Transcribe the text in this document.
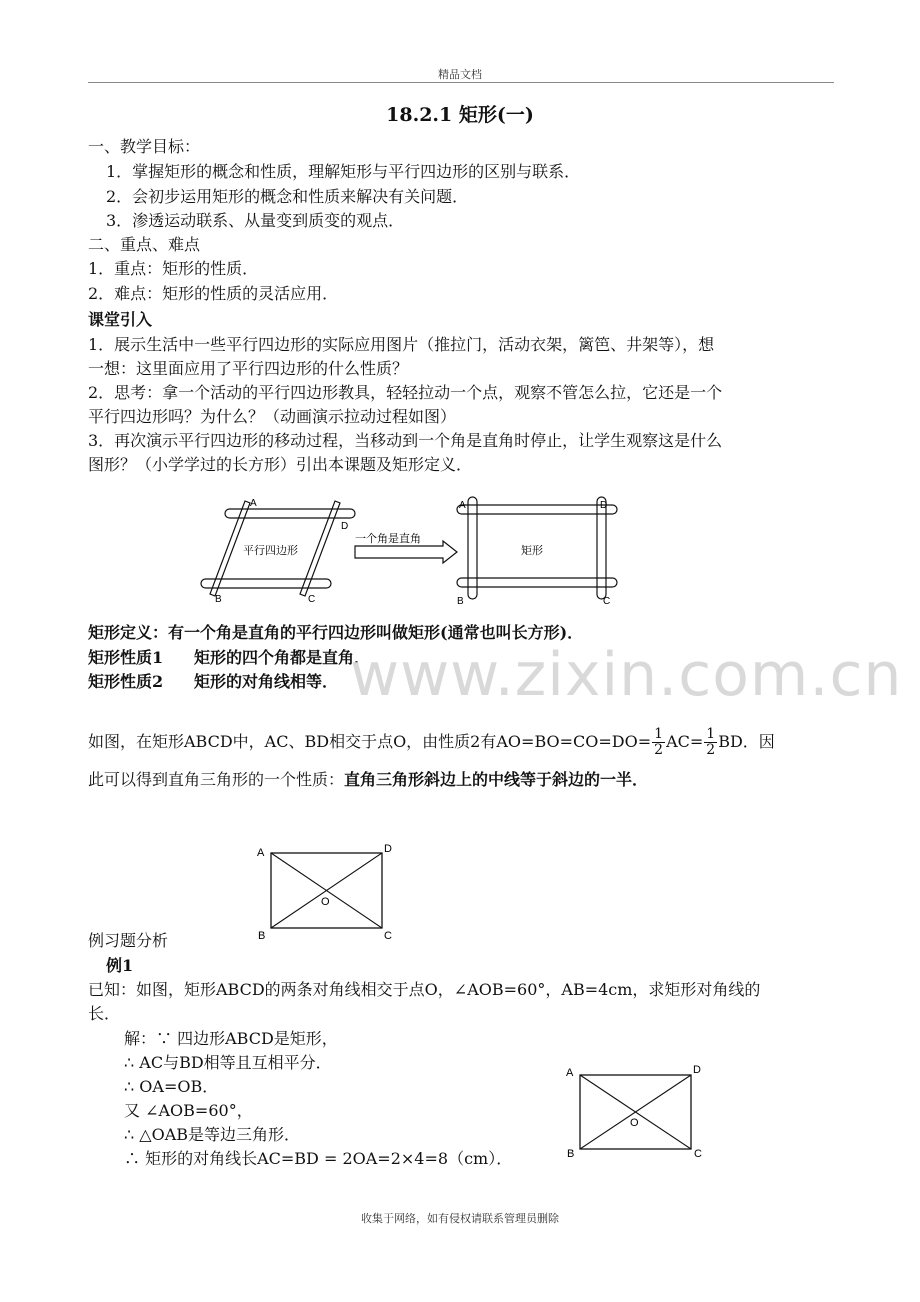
精品文档
18.2.1 矩形(一)
一、教学目标：
1．掌握矩形的概念和性质，理解矩形与平行四边形的区别与联系．
2．会初步运用矩形的概念和性质来解决有关问题．
3．渗透运动联系、从量变到质变的观点．
二、重点、难点
1．重点：矩形的性质．
2．难点：矩形的性质的灵活应用．
课堂引入
1．展示生活中一些平行四边形的实际应用图片（推拉门，活动衣架，篱笆、井架等），想
一想：这里面应用了平行四边形的什么性质？
2．思考：拿一个活动的平行四边形教具，轻轻拉动一个点，观察不管怎么拉，它还是一个
平行四边形吗？为什么？（动画演示拉动过程如图）
3．再次演示平行四边形的移动过程，当移动到一个角是直角时停止，让学生观察这是什么
图形？（小学学过的长方形）引出本课题及矩形定义．
A
D
B	C
平行四边形
一个角是直角
A	D
B	C
矩形
矩形定义：有一个角是直角的平行四边形叫做矩形(通常也叫长方形)．
矩形性质1 矩形的四个角都是直角．
矩形性质2 矩形的对角线相等． www.zixin.com.cn
如图，在矩形ABCD中，AC、BD相交于点O，由性质2有$AO=BO=CO=DO= \frac{1}{2} AC= \frac{1}{2}$ BD．因
此可以得到直角三角形的一个性质：直角三角形斜边上的中线等于斜边的一半．
A	D
B	C
O
例习题分析
例1
已知：如图，矩形ABCD的两条对角线相交于点O，∠AOB=60°，AB=4cm，求矩形对角线的
长．
解：∵ 四边形ABCD是矩形，
∴ AC与BD相等且互相平分．
∴ OA=OB．
又 ∠AOB=60°，
∴ △OAB是等边三角形．
∴ 矩形的对角线长AC=BD = 2OA=2×4=8（cm）．
A	D
B	C
O
收集于网络，如有侵权请联系管理员删除
